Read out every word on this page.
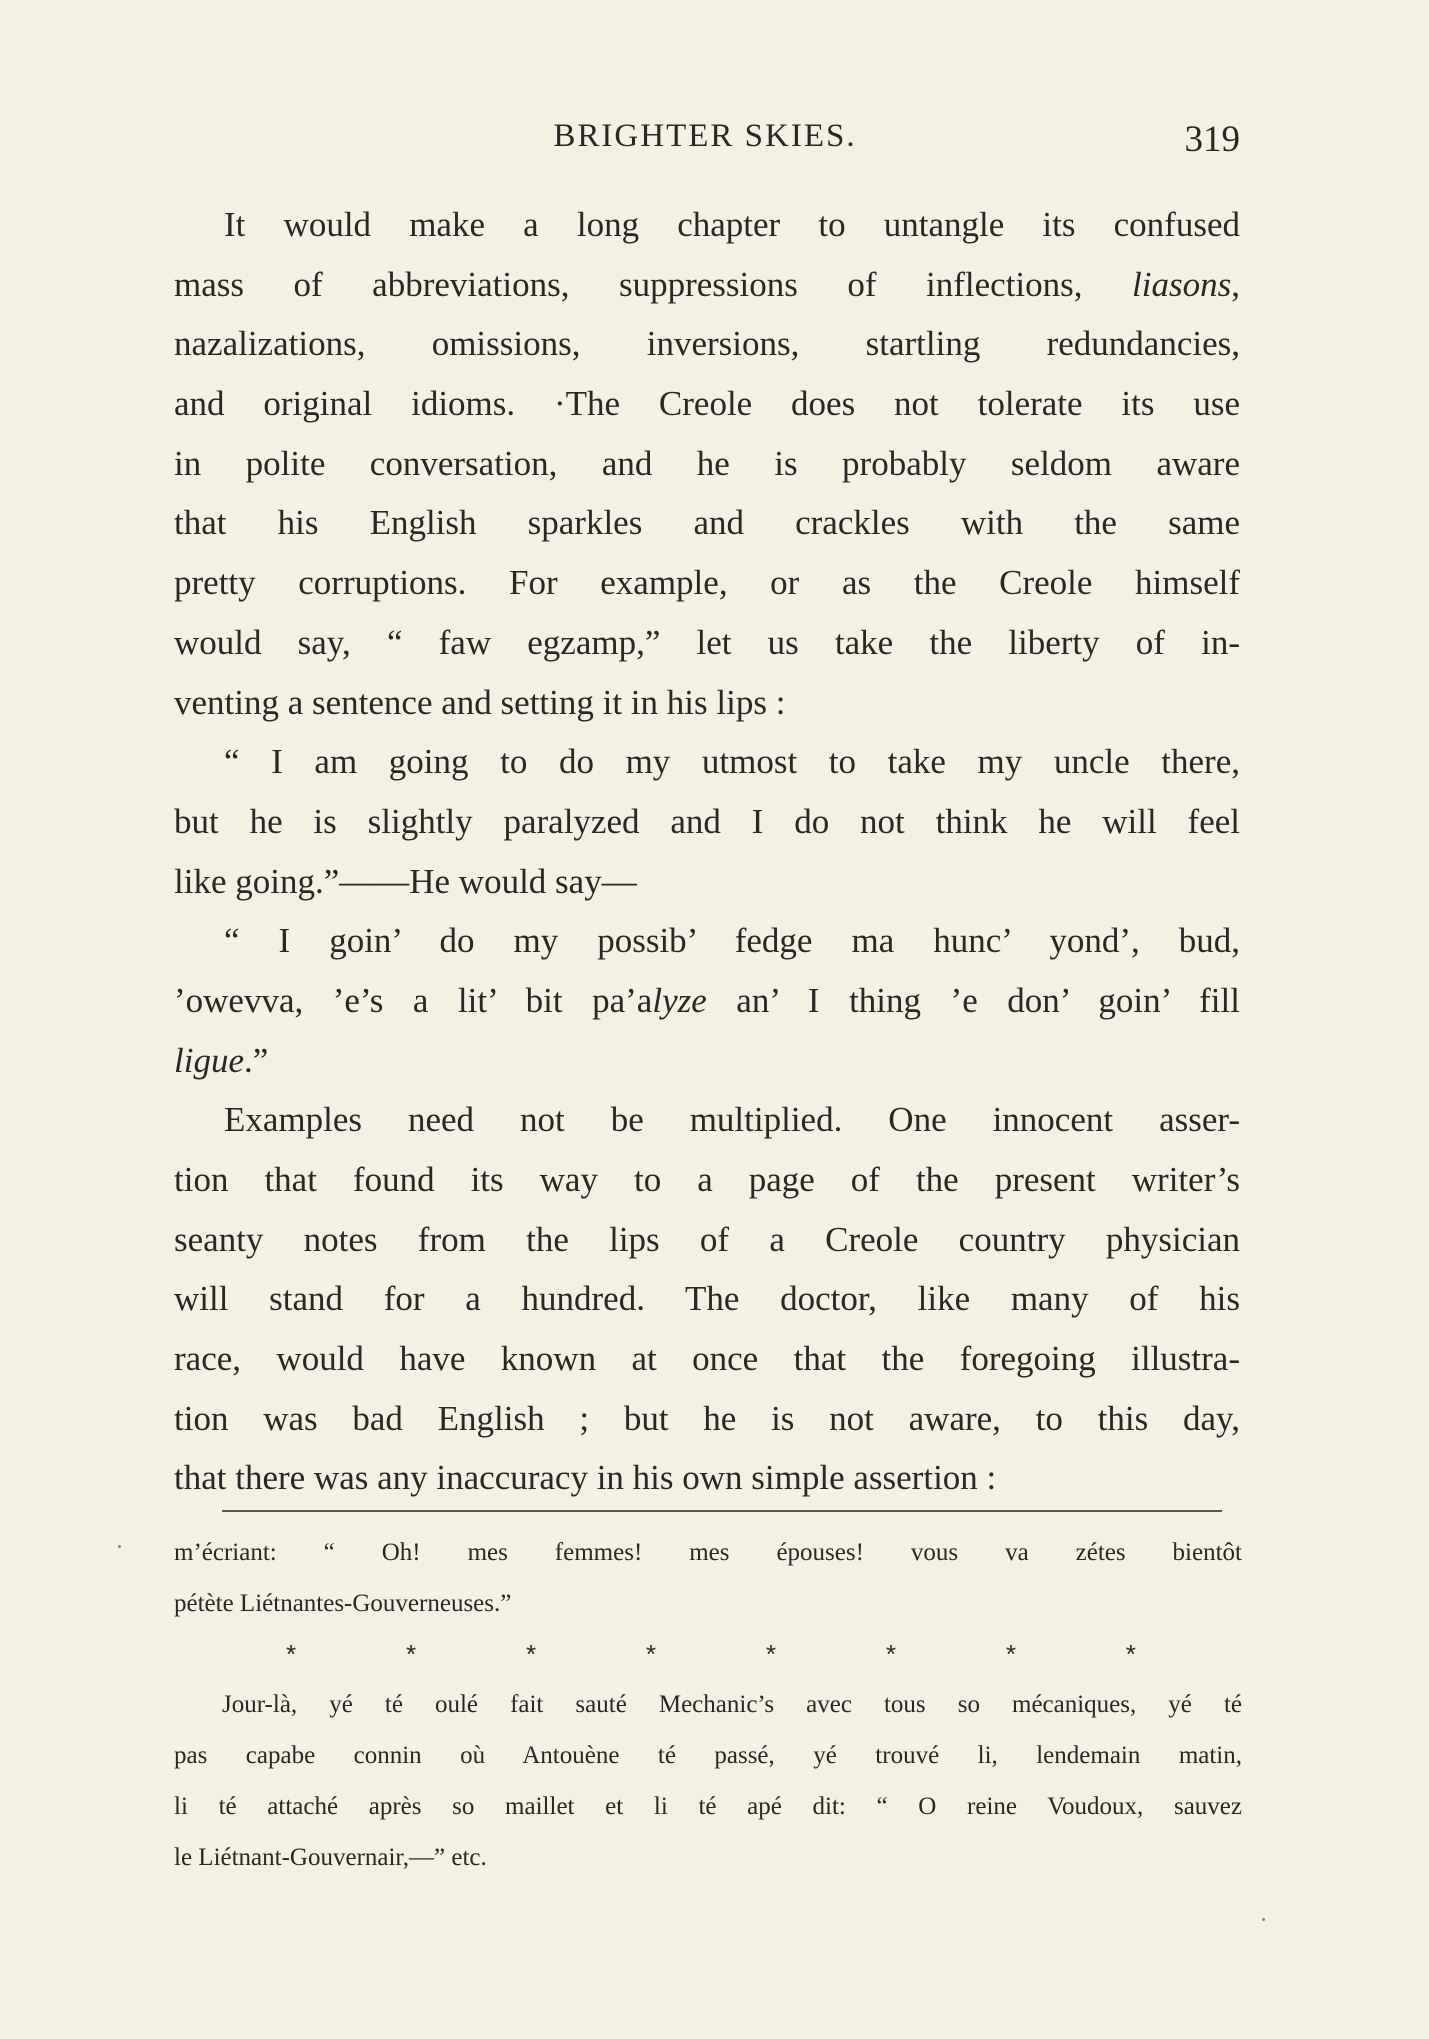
BRIGHTER SKIES.	319
It would make a long chapter to untangle its confused
mass of abbreviations, suppressions of inflections, liasons,
nazalizations, omissions, inversions, startling redundancies,
and original idioms. ·The Creole does not tolerate its use
in polite conversation, and he is probably seldom aware
that his English sparkles and crackles with the same
pretty corruptions. For example, or as the Creole himself
would say, “ faw egzamp,” let us take the liberty of in-
venting a sentence and setting it in his lips :
“ I am going to do my utmost to take my uncle there,
but he is slightly paralyzed and I do not think he will feel
like going.”——He would say—
“ I goin’ do my possib’ fedge ma hunc’ yond’, bud,
’owevva, ’e’s a lit’ bit pa’alyze an’ I thing ’e don’ goin’ fill
ligue.”
Examples need not be multiplied. One innocent asser-
tion that found its way to a page of the present writer’s
seanty notes from the lips of a Creole country physician
will stand for a hundred. The doctor, like many of his
race, would have known at once that the foregoing illustra-
tion was bad English ; but he is not aware, to this day,
that there was any inaccuracy in his own simple assertion :
m’écriant: “ Oh! mes femmes! mes épouses! vous va zétes bientôt
pétète Liétnantes-Gouverneuses.”
*	*	*	*	*	*	*	*
Jour-là, yé té oulé fait sauté Mechanic’s avec tous so mécaniques, yé té
pas capabe connin où Antouène té passé, yé trouvé li, lendemain matin,
li té attaché après so maillet et li té apé dit: “ O reine Voudoux, sauvez
le Liétnant-Gouvernair,—” etc.
